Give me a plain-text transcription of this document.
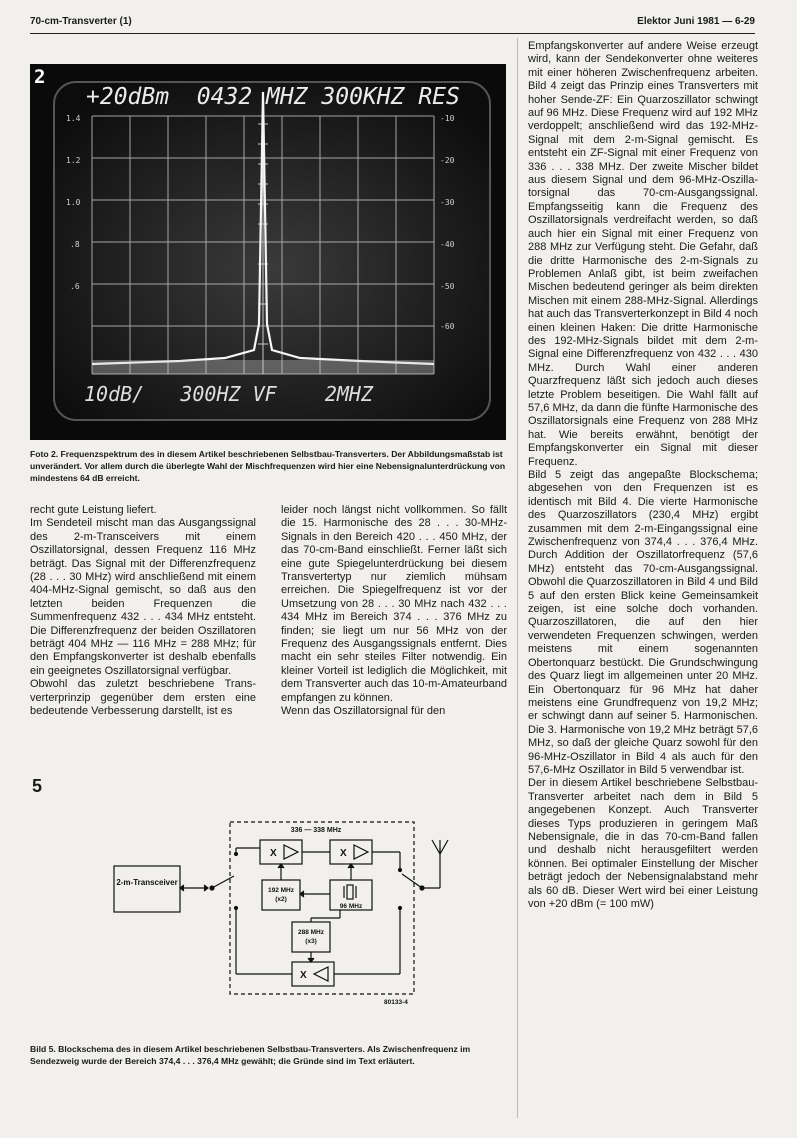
70-cm-Transverter (1)	Elektor Juni 1981 — 6-29
2
+20dBm  0432 MHZ 300KHZ RES
10dB/   300HZ VF    2MHZ
1.4
1.2
1.0
.8
.6
-10
-20
-30
-40
-50
-60

Foto 2. Frequenzspektrum des in diesem Artikel beschriebenen Selbstbau-Transverters. Der Abbildungsmaßstab ist unverändert. Vor allem durch die überlegte Wahl der Mischfrequenzen wird hier eine Nebensignalunterdrückung von mindestens 64 dB erreicht.

recht gute Leistung liefert.
Im Sendeteil mischt man das Ausgangssignal des 2-m-Transceivers mit einem Oszillatorsignal, dessen Frequenz 116 MHz beträgt. Das Signal mit der Differenzfrequenz (28 . . . 30 MHz) wird anschließend mit einem 404-MHz-Signal gemischt, so daß aus den letzten beiden Frequenzen die Summenfrequenz 432 . . . 434 MHz entsteht. Die Differenzfrequenz der beiden Oszillatoren beträgt 404 MHz — 116 MHz = 288 MHz; für den Empfangskonverter ist deshalb ebenfalls ein geeignetes Oszillatorsignal verfügbar.
Obwohl das zuletzt beschriebene Transverterprinzip gegenüber dem ersten eine bedeutende Verbesserung darstellt, ist es

leider noch längst nicht vollkommen. So fällt die 15. Harmonische des 28 . . . 30-MHz-Signals in den Bereich 420 . . . 450 MHz, der das 70-cm-Band einschließt. Ferner läßt sich eine gute Spiegelunterdrückung bei diesem Transvertertyp nur ziemlich mühsam erreichen. Die Spiegelfrequenz ist vor der Umsetzung von 28 . . . 30 MHz nach 432 . . . 434 MHz im Bereich 374 . . . 376 MHz zu finden; sie liegt um nur 56 MHz von der Frequenz des Ausgangssignals entfernt. Dies macht ein sehr steiles Filter notwendig. Ein kleiner Vorteil ist lediglich die Möglichkeit, mit dem Transverter auch das 10-m-Amateurband empfangen zu können.
Wenn das Oszillatorsignal für den

Empfangskonverter auf andere Weise erzeugt wird, kann der Sendekonverter ohne weiteres mit einer höheren Zwischenfrequenz arbeiten. Bild 4 zeigt das Prinzip eines Transverters mit hoher Sende-ZF: Ein Quarzoszillator schwingt auf 96 MHz. Diese Frequenz wird auf 192 MHz verdoppelt; anschließend wird das 192-MHz-Signal mit dem 2-m-Signal gemischt. Es entsteht ein ZF-Signal mit einer Frequenz von 336 . . . 338 MHz. Der zweite Mischer bildet aus diesem Signal und dem 96-MHz-Oszillatorsignal das 70-cm-Ausgangssignal. Empfangsseitig kann die Frequenz des Oszillatorsignals verdreifacht werden, so daß auch hier ein Signal mit einer Frequenz von 288 MHz zur Verfügung steht. Die Gefahr, daß die dritte Harmonische des 2-m-Signals zu Problemen Anlaß gibt, ist beim zweifachen Mischen bedeutend geringer als beim direkten Mischen mit einem 288-MHz-Signal. Allerdings hat auch das Transverterkonzept in Bild 4 noch einen kleinen Haken: Die dritte Harmonische des 192-MHz-Signals bildet mit dem 2-m-Signal eine Differenzfrequenz von 432 . . . 430 MHz. Durch Wahl einer anderen Quarzfrequenz läßt sich jedoch auch dieses letzte Problem beseitigen. Die Wahl fällt auf 57,6 MHz, da dann die fünfte Harmonische des Oszillatorsignals eine Frequenz von 288 MHz hat. Wie bereits erwähnt, benötigt der Empfangskonverter ein Signal mit dieser Frequenz.
Bild 5 zeigt das angepaßte Blockschema; abgesehen von den Frequenzen ist es identisch mit Bild 4. Die vierte Harmonische des Quarzoszillators (230,4 MHz) ergibt zusammen mit dem 2-m-Eingangssignal eine Zwischenfrequenz von 374,4 . . . 376,4 MHz. Durch Addition der Oszillatorfrequenz (57,6 MHz) entsteht das 70-cm-Ausgangssignal. Obwohl die Quarzoszillatoren in Bild 4 und Bild 5 auf den ersten Blick keine Gemeinsamkeit zeigen, ist eine solche doch vorhanden. Quarzoszillatoren, die auf den hier verwendeten Frequenzen schwingen, werden meistens mit einem sogenannten Obertonquarz bestückt. Die Grundschwingung des Quarz liegt im allgemeinen unter 20 MHz. Ein Obertonquarz für 96 MHz hat daher meistens eine Grundfrequenz von 19,2 MHz; er schwingt dann auf seiner 5. Harmonischen. Die 3. Harmonische von 19,2 MHz beträgt 57,6 MHz, so daß der gleiche Quarz sowohl für den 96-MHz-Oszillator in Bild 4 als auch für den 57,6-MHz Oszillator in Bild 5 verwendbar ist.
Der in diesem Artikel beschriebene Selbstbau-Transverter arbeitet nach dem in Bild 5 angegebenen Konzept. Auch Transverter dieses Typs produzieren in geringem Maß Nebensignale, die in das 70-cm-Band fallen und deshalb nicht herausgefiltert werden können. Bei optimaler Einstellung der Mischer beträgt jedoch der Nebensignalabstand mehr als 60 dB. Dieser Wert wird bei einer Leistung von +20 dBm (= 100 mW)

5
2-m-Transceiver
336 — 338 MHz
X	X
192 MHz (x2)
96 MHz
288 MHz (x3)
X
80133-4

Bild 5. Blockschema des in diesem Artikel beschriebenen Selbstbau-Transverters. Als Zwischenfrequenz im Sendezweig wurde der Bereich 374,4 . . . 376,4 MHz gewählt; die Gründe sind im Text erläutert.
